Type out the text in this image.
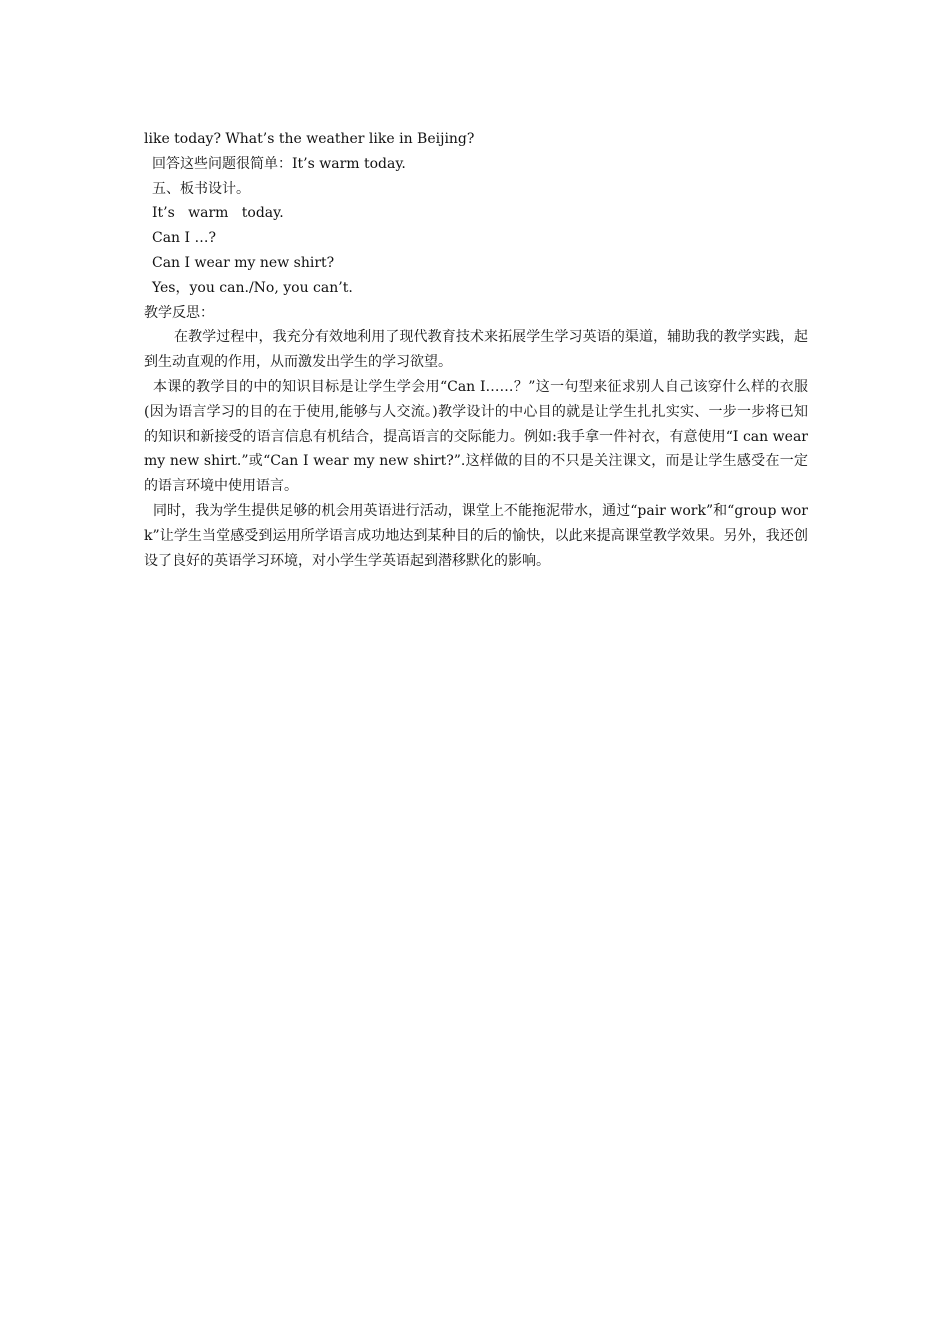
like today? What’s the weather like in Beijing?
回答这些问题很简单：It’s warm today.
五、板书设计。
It’s   warm   today.
Can I …?
Can I wear my new shirt?
Yes，you can./No, you can’t.
教学反思：

在教学过程中，我充分有效地利用了现代教育技术来拓展学生学习英语的渠道，辅助我的教学实践，起到生动直观的作用，从而激发出学生的学习欲望。

本课的教学目的中的知识目标是让学生学会用“Can I……？”这一句型来征求别人自己该穿什么样的衣服(因为语言学习的目的在于使用,能够与人交流。)教学设计的中心目的就是让学生扎扎实实、一步一步将已知的知识和新接受的语言信息有机结合，提高语言的交际能力。例如:我手拿一件衬衣，有意使用“I can wear my new shirt.”或“Can I wear my new shirt?”.这样做的目的不只是关注课文，而是让学生感受在一定的语言环境中使用语言。

同时，我为学生提供足够的机会用英语进行活动，课堂上不能拖泥带水，通过“pair work”和“group work”让学生当堂感受到运用所学语言成功地达到某种目的后的愉快，以此来提高课堂教学效果。另外，我还创设了良好的英语学习环境，对小学生学英语起到潜移默化的影响。
